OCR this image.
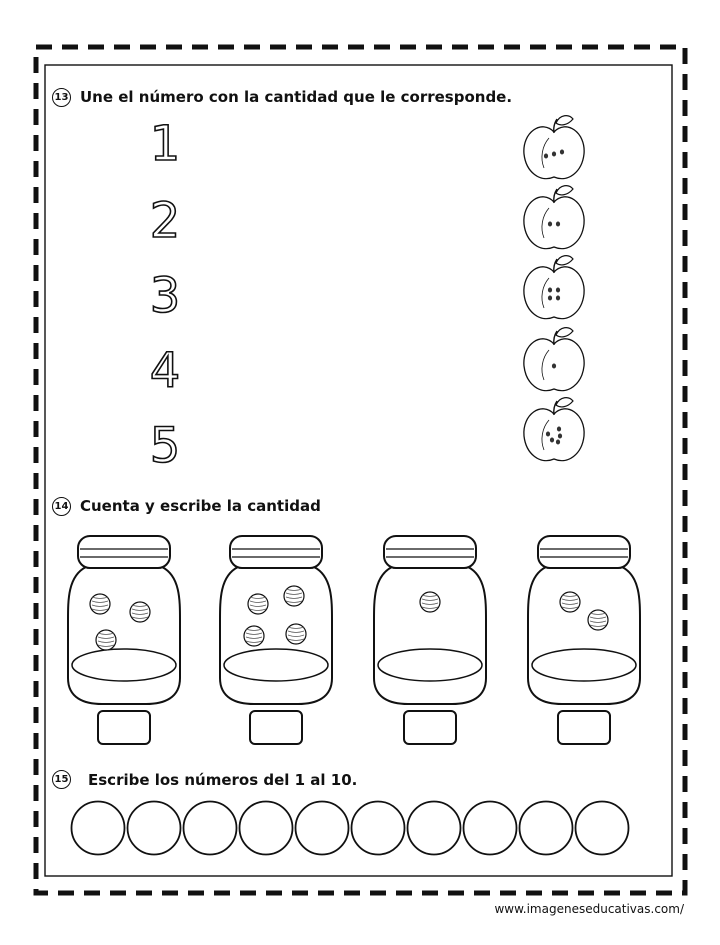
1
2
3
4
5
13 Une el número con la cantidad que le corresponde.
14 Cuenta y escribe la cantidad
15 Escribe los números del 1 al 10.
www.imageneseducativas.com/
